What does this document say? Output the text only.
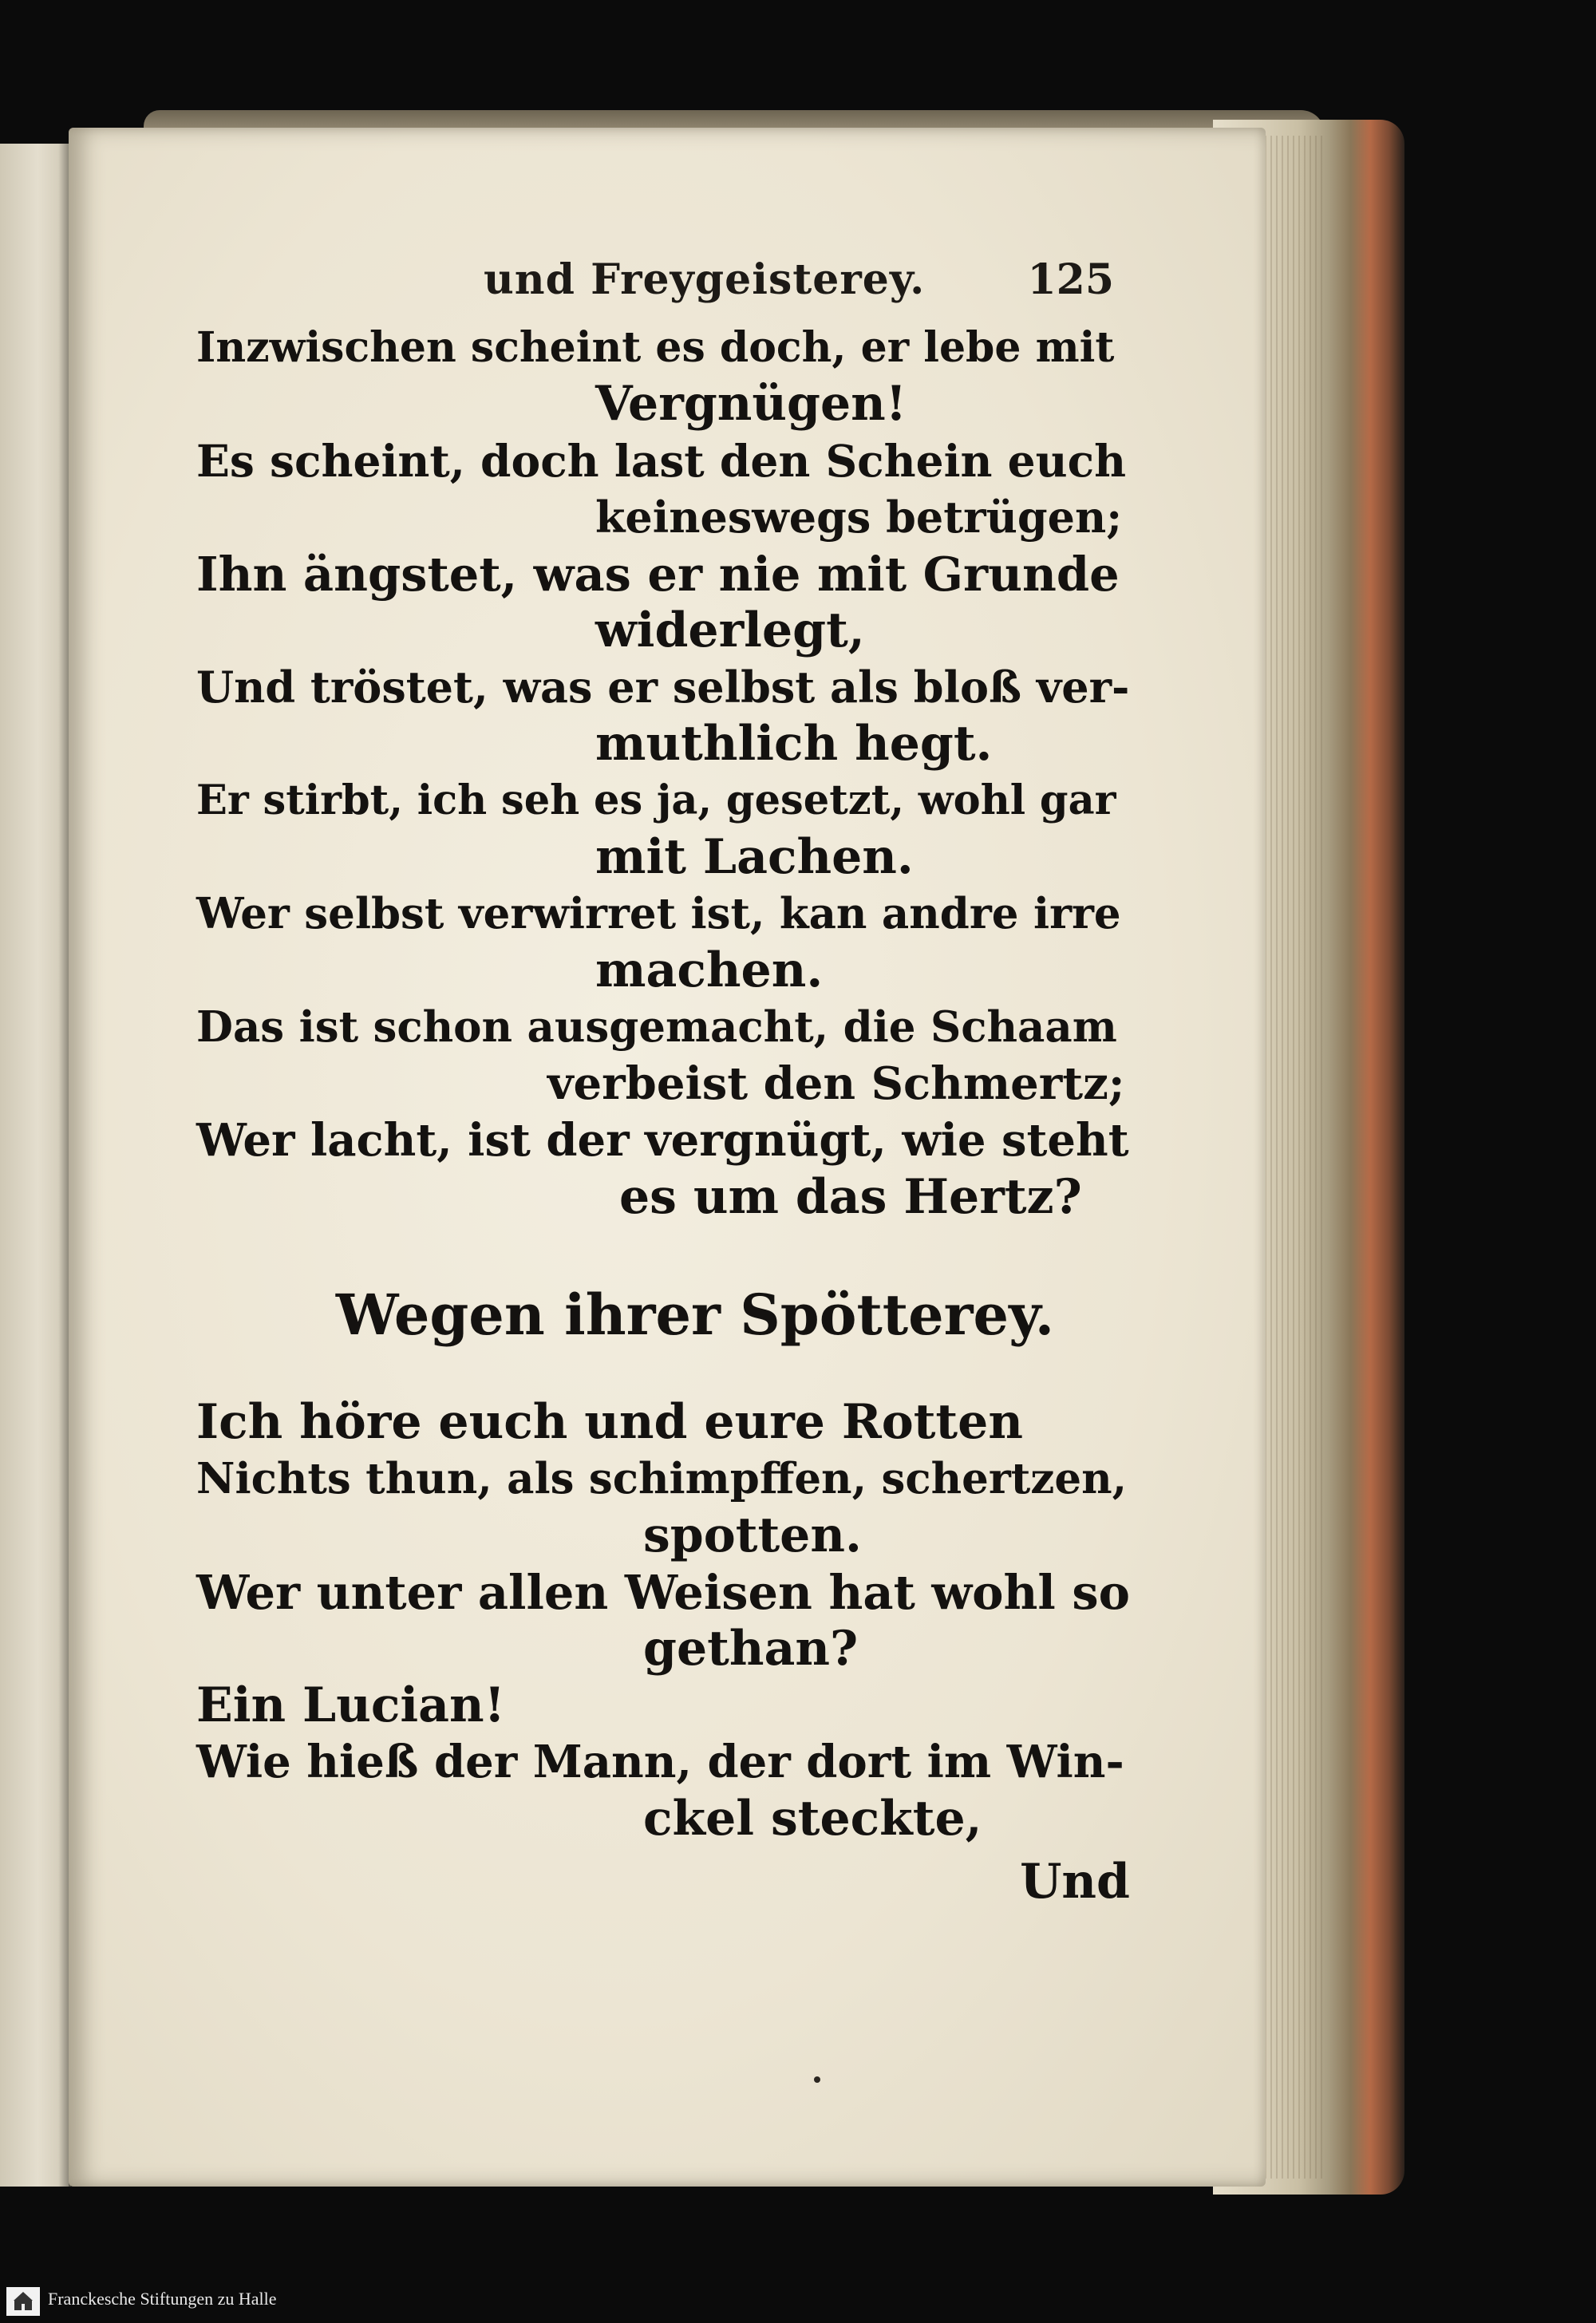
und Freygeisterey. 125
Inzwischen scheint es doch, er lebe mit
Vergnügen!
Es scheint, doch last den Schein euch
keineswegs betrügen;
Ihn ängstet, was er nie mit Grunde
widerlegt,
Und tröstet, was er selbst als bloß ver-
muthlich hegt.
Er stirbt, ich seh es ja, gesetzt, wohl gar
mit Lachen.
Wer selbst verwirret ist, kan andre irre
machen.
Das ist schon ausgemacht, die Schaam
verbeist den Schmertz;
Wer lacht, ist der vergnügt, wie steht
es um das Hertz?
Wegen ihrer Spötterey.
Ich höre euch und eure Rotten
Nichts thun, als schimpffen, schertzen,
spotten.
Wer unter allen Weisen hat wohl so
gethan?
Ein Lucian!
Wie hieß der Mann, der dort im Win-
ckel steckte,
Und
Franckesche Stiftungen zu Halle
